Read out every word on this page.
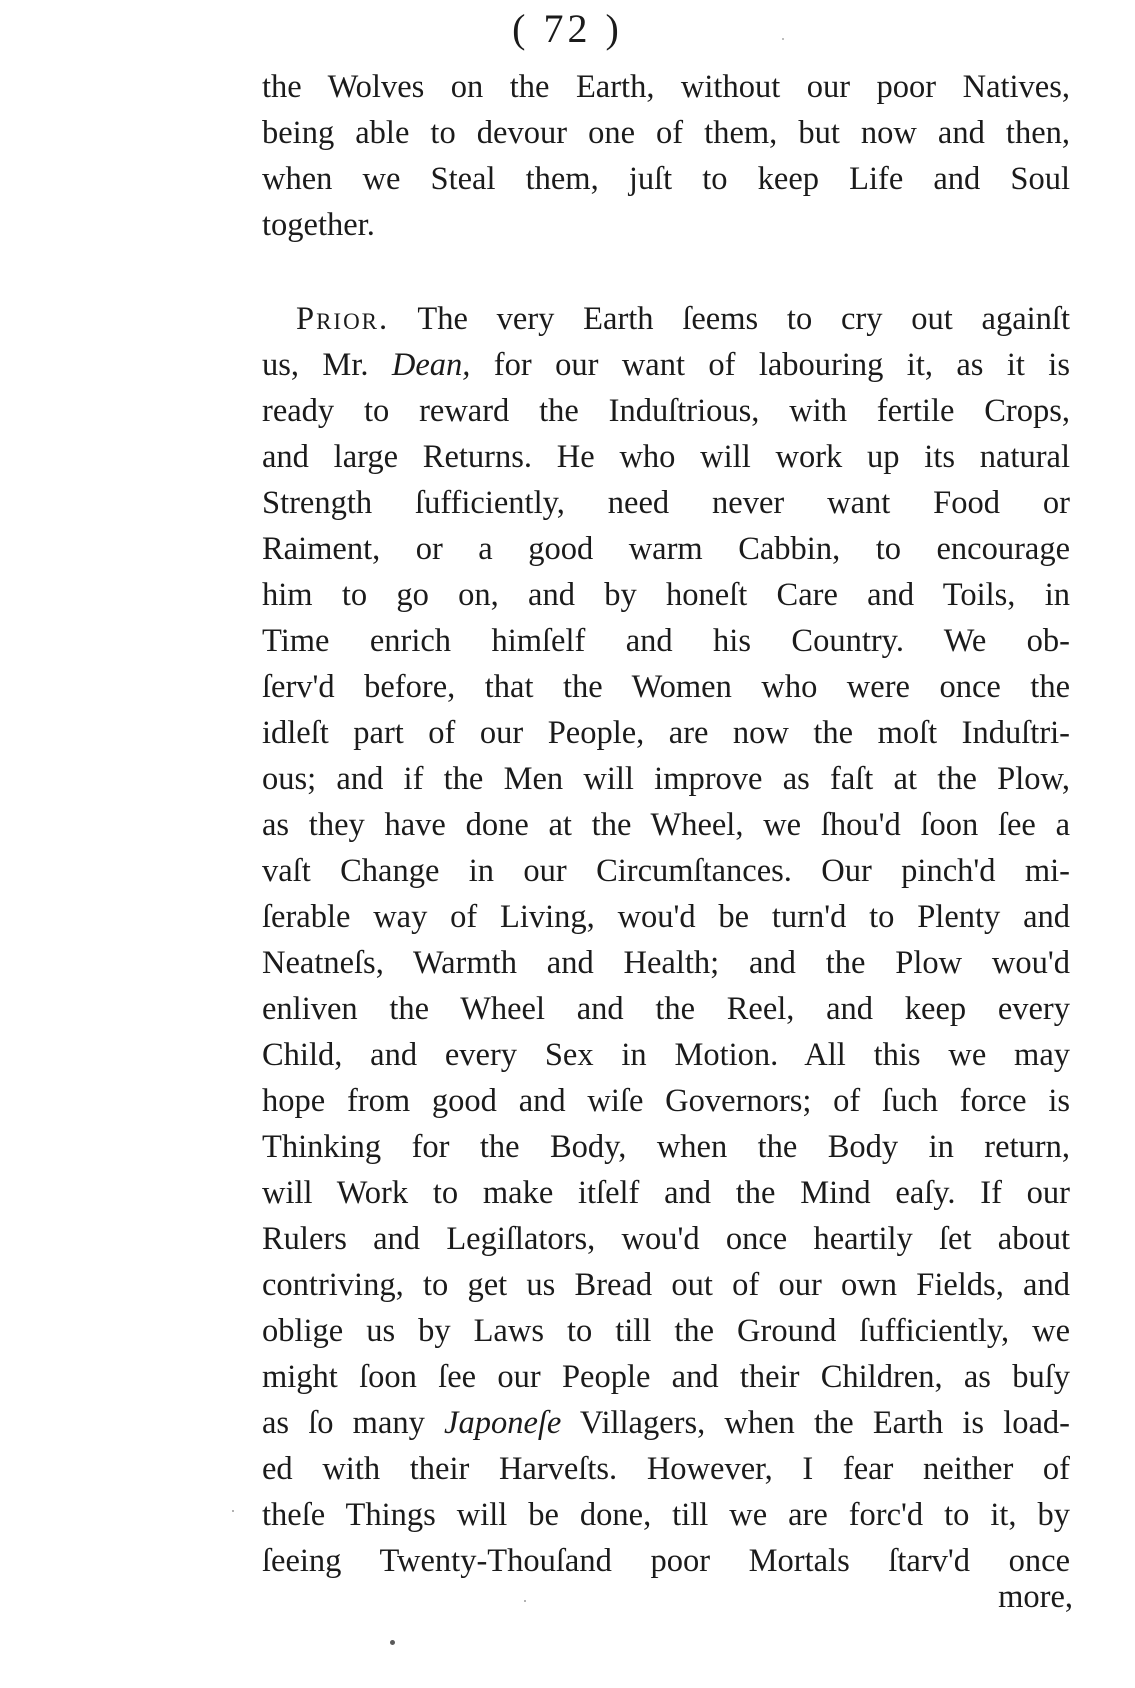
( 72 )
the Wolves on the Earth, without our poor Natives,
being able to devour one of them, but now and then,
when we Steal them, juſt to keep Life and Soul
together.
Prior. The very Earth ſeems to cry out againſt
us, Mr. Dean, for our want of labouring it, as it is
ready to reward the Induſtrious, with fertile Crops,
and large Returns. He who will work up its natural
Strength ſufficiently, need never want Food or
Raiment, or a good warm Cabbin, to encourage
him to go on, and by honeſt Care and Toils, in
Time enrich himſelf and his Country. We ob-
ſerv'd before, that the Women who were once the
idleſt part of our People, are now the moſt Induſtri-
ous; and if the Men will improve as faſt at the Plow,
as they have done at the Wheel, we ſhou'd ſoon ſee a
vaſt Change in our Circumſtances. Our pinch'd mi-
ſerable way of Living, wou'd be turn'd to Plenty and
Neatneſs, Warmth and Health; and the Plow wou'd
enliven the Wheel and the Reel, and keep every
Child, and every Sex in Motion. All this we may
hope from good and wiſe Governors; of ſuch force is
Thinking for the Body, when the Body in return,
will Work to make itſelf and the Mind eaſy. If our
Rulers and Legiſlators, wou'd once heartily ſet about
contriving, to get us Bread out of our own Fields, and
oblige us by Laws to till the Ground ſufficiently, we
might ſoon ſee our People and their Children, as buſy
as ſo many Japoneſe Villagers, when the Earth is load-
ed with their Harveſts. However, I fear neither of
theſe Things will be done, till we are forc'd to it, by
ſeeing Twenty-Thouſand poor Mortals ſtarv'd once
more,
